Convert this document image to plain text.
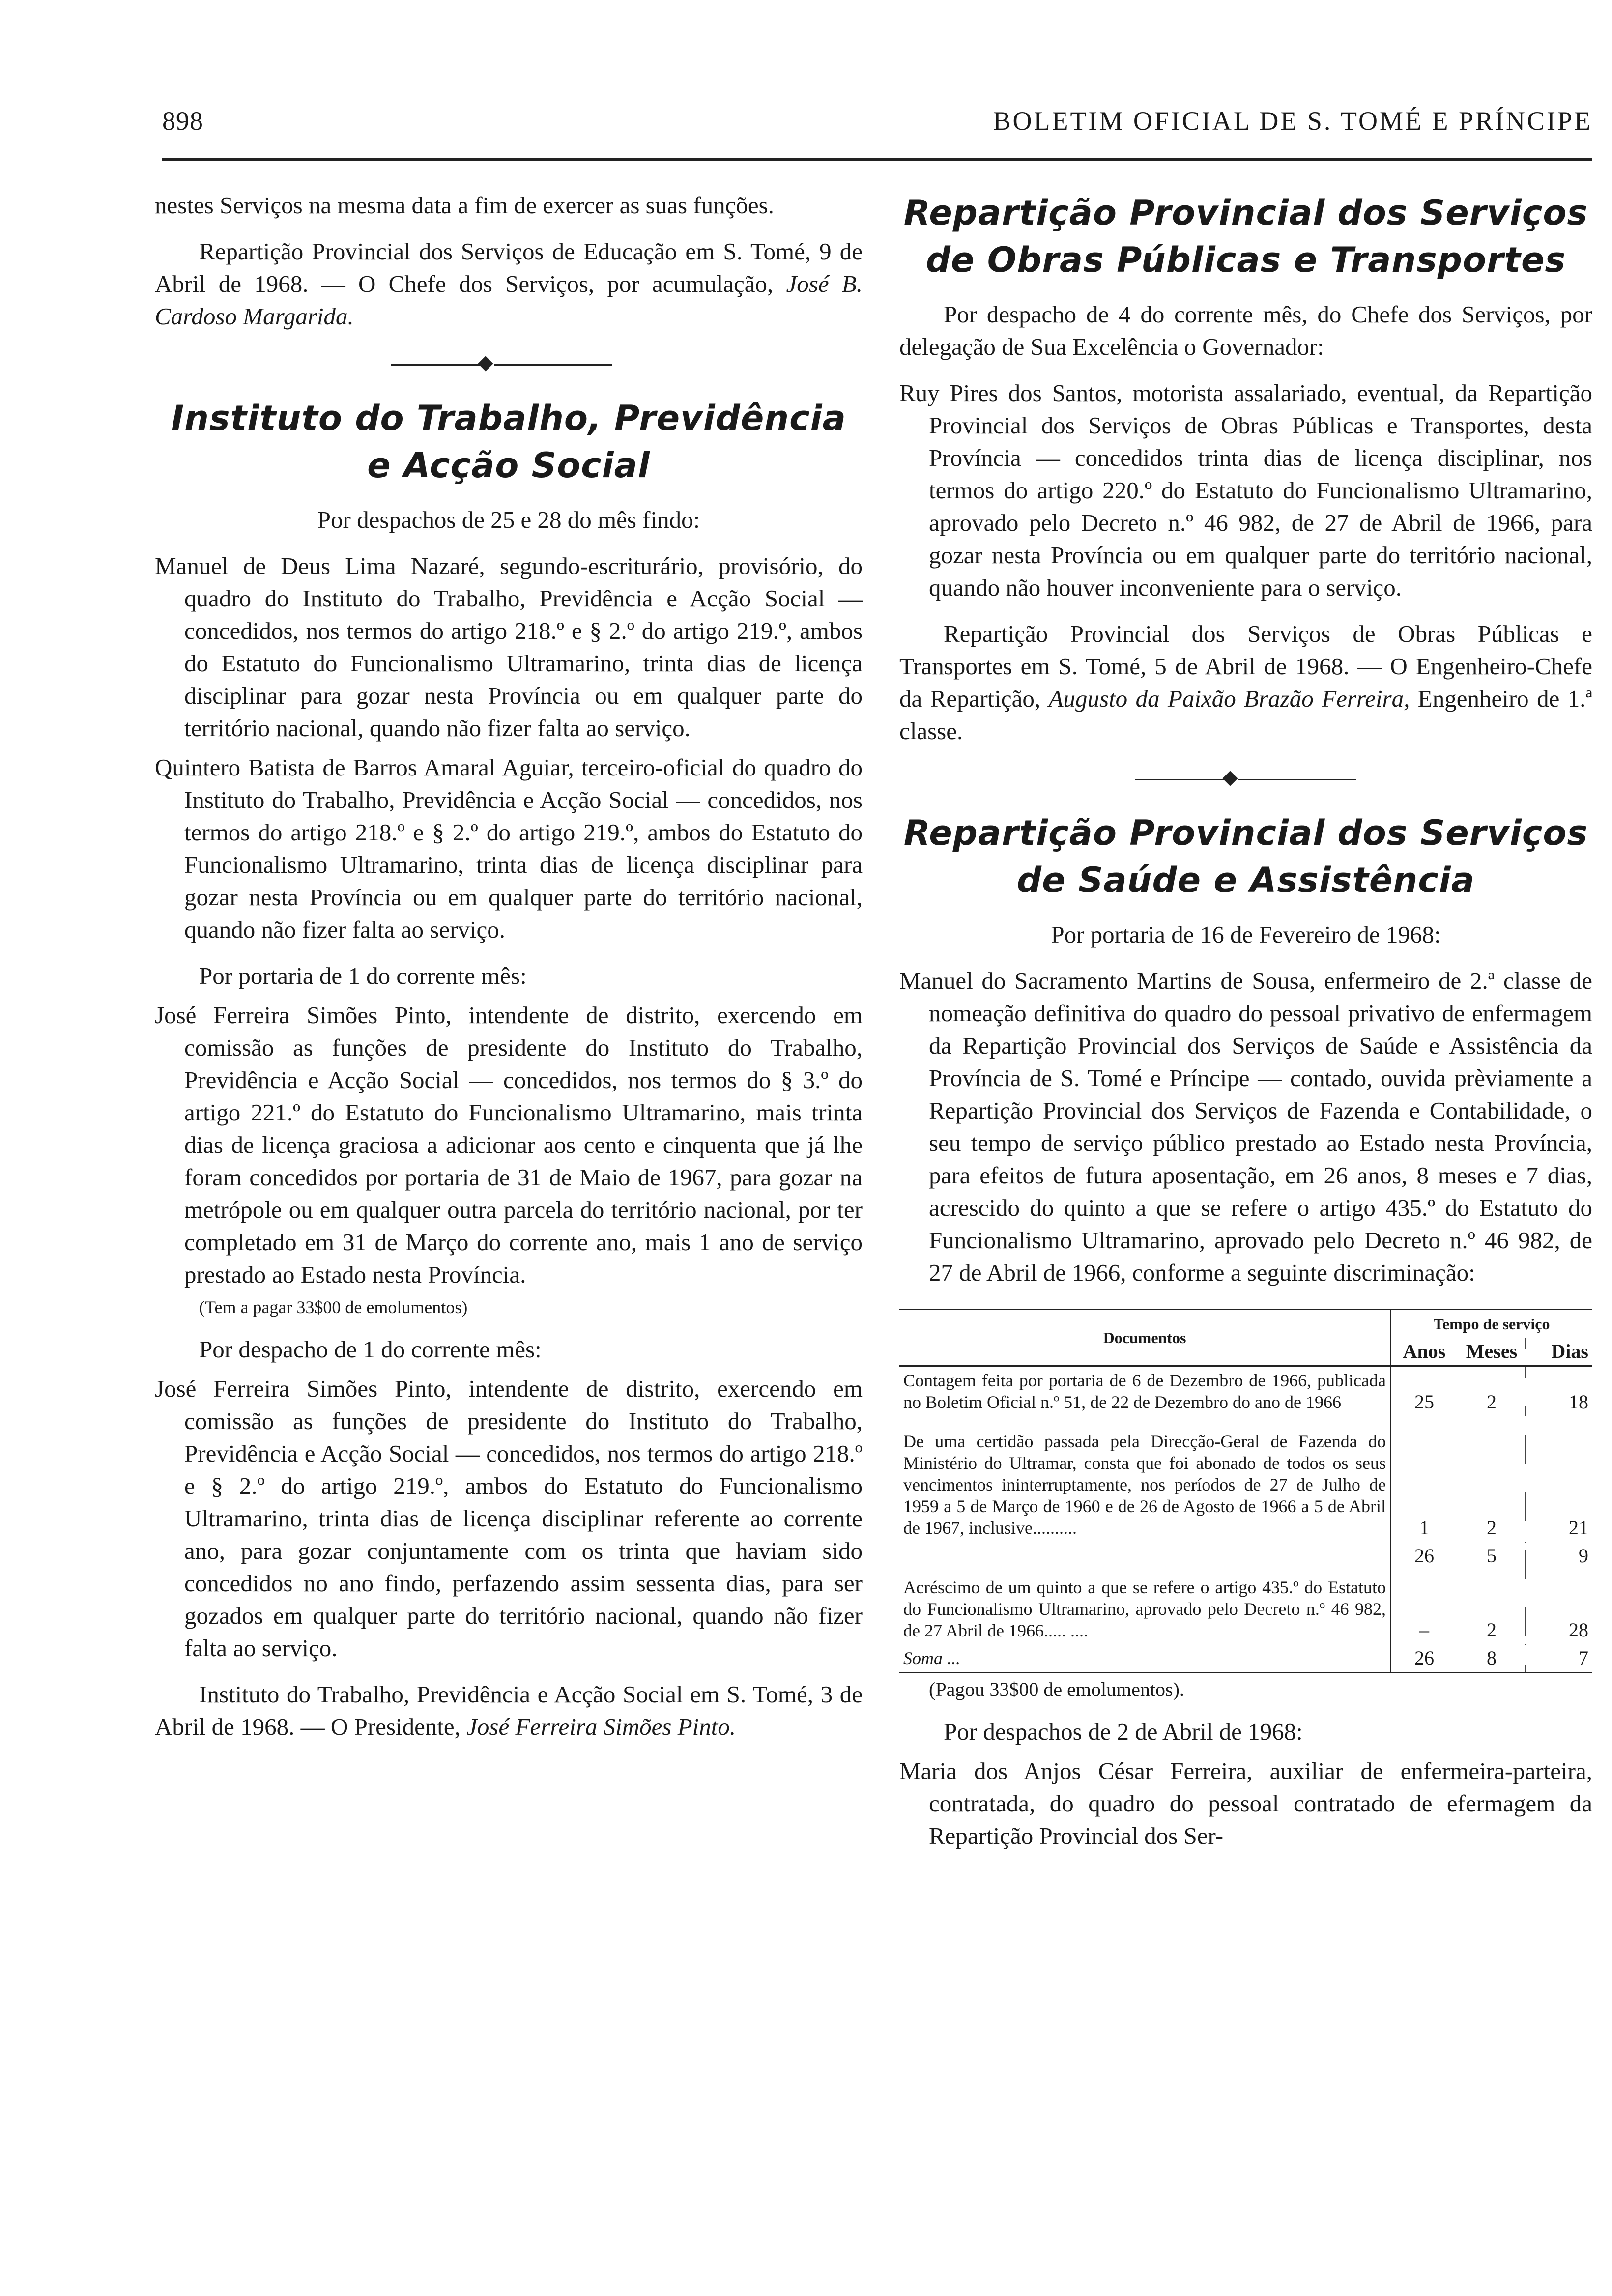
898	BOLETIM OFICIAL DE S. TOMÉ E PRÍNCIPE

nestes Serviços na mesma data a fim de exercer as suas funções.

Repartição Provincial dos Serviços de Educação em S. Tomé, 9 de Abril de 1968. — O Chefe dos Serviços, por acumulação, José B. Cardoso Margarida.

Instituto do Trabalho, Previdência
e Acção Social

Por despachos de 25 e 28 do mês findo:

Manuel de Deus Lima Nazaré, segundo-escriturário, provisório, do quadro do Instituto do Trabalho, Previdência e Acção Social — concedidos, nos termos do artigo 218.º e § 2.º do artigo 219.º, ambos do Estatuto do Funcionalismo Ultramarino, trinta dias de licença disciplinar para gozar nesta Província ou em qualquer parte do território nacional, quando não fizer falta ao serviço.

Quintero Batista de Barros Amaral Aguiar, terceiro-oficial do quadro do Instituto do Trabalho, Previdência e Acção Social — concedidos, nos termos do artigo 218.º e § 2.º do artigo 219.º, ambos do Estatuto do Funcionalismo Ultramarino, trinta dias de licença disciplinar para gozar nesta Província ou em qualquer parte do território nacional, quando não fizer falta ao serviço.

Por portaria de 1 do corrente mês:

José Ferreira Simões Pinto, intendente de distrito, exercendo em comissão as funções de presidente do Instituto do Trabalho, Previdência e Acção Social — concedidos, nos termos do § 3.º do artigo 221.º do Estatuto do Funcionalismo Ultramarino, mais trinta dias de licença graciosa a adicionar aos cento e cinquenta que já lhe foram concedidos por portaria de 31 de Maio de 1967, para gozar na metrópole ou em qualquer outra parcela do território nacional, por ter completado em 31 de Março do corrente ano, mais 1 ano de serviço prestado ao Estado nesta Província.

(Tem a pagar 33$00 de emolumentos)

Por despacho de 1 do corrente mês:

José Ferreira Simões Pinto, intendente de distrito, exercendo em comissão as funções de presidente do Instituto do Trabalho, Previdência e Acção Social — concedidos, nos termos do artigo 218.º e § 2.º do artigo 219.º, ambos do Estatuto do Funcionalismo Ultramarino, trinta dias de licença disciplinar referente ao corrente ano, para gozar conjuntamente com os trinta que haviam sido concedidos no ano findo, perfazendo assim sessenta dias, para ser gozados em qualquer parte do território nacional, quando não fizer falta ao serviço.

Instituto do Trabalho, Previdência e Acção Social em S. Tomé, 3 de Abril de 1968. — O Presidente, José Ferreira Simões Pinto.

Repartição Provincial dos Serviços
de Obras Públicas e Transportes

Por despacho de 4 do corrente mês, do Chefe dos Serviços, por delegação de Sua Excelência o Governador:

Ruy Pires dos Santos, motorista assalariado, eventual, da Repartição Provincial dos Serviços de Obras Públicas e Transportes, desta Província — concedidos trinta dias de licença disciplinar, nos termos do artigo 220.º do Estatuto do Funcionalismo Ultramarino, aprovado pelo Decreto n.º 46 982, de 27 de Abril de 1966, para gozar nesta Província ou em qualquer parte do território nacional, quando não houver inconveniente para o serviço.

Repartição Provincial dos Serviços de Obras Públicas e Transportes em S. Tomé, 5 de Abril de 1968. — O Engenheiro-Chefe da Repartição, Augusto da Paixão Brazão Ferreira, Engenheiro de 1.ª classe.

Repartição Provincial dos Serviços
de Saúde e Assistência

Por portaria de 16 de Fevereiro de 1968:

Manuel do Sacramento Martins de Sousa, enfermeiro de 2.ª classe de nomeação definitiva do quadro do pessoal privativo de enfermagem da Repartição Provincial dos Serviços de Saúde e Assistência da Província de S. Tomé e Príncipe — contado, ouvida prèviamente a Repartição Provincial dos Serviços de Fazenda e Contabilidade, o seu tempo de serviço público prestado ao Estado nesta Província, para efeitos de futura aposentação, em 26 anos, 8 meses e 7 dias, acrescido do quinto a que se refere o artigo 435.º do Estatuto do Funcionalismo Ultramarino, aprovado pelo Decreto n.º 46 982, de 27 de Abril de 1966, conforme a seguinte discriminação:

Documentos	Tempo de serviço		
	Anos	Meses	Dias
Contagem feita por portaria de 6 de Dezembro de 1966, publicada no Boletim Oficial n.º 51, de 22 de Dezembro do ano de 1966	25	2	18
De uma certidão passada pela Direcção-Geral de Fazenda do Ministério do Ultramar, consta que foi abonado de todos os seus vencimentos ininterruptamente, nos períodos de 27 de Julho de 1959 a 5 de Março de 1960 e de 26 de Agosto de 1966 a 5 de Abril de 1967, inclusive..........	1	2	21
	26	5	9
Acréscimo de um quinto a que se refere o artigo 435.º do Estatuto do Funcionalismo Ultramarino, aprovado pelo Decreto n.º 46 982, de 27 Abril de 1966..... ....	–	2	28
Soma ...	26	8	7

(Pagou 33$00 de emolumentos).

Por despachos de 2 de Abril de 1968:

Maria dos Anjos César Ferreira, auxiliar de enfermeira-parteira, contratada, do quadro do pessoal contratado de efermagem da Repartição Provincial dos Ser-
